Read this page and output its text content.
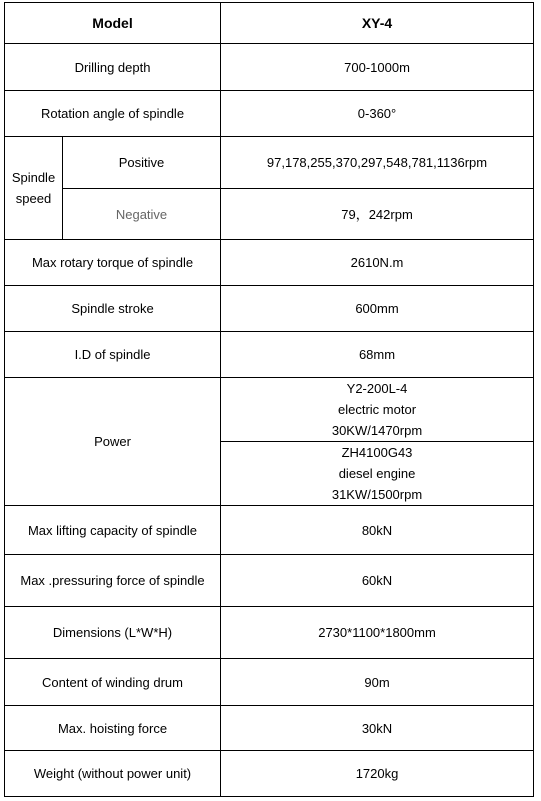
Model		XY-4
Drilling depth		700-1000m
Rotation angle of spindle		0-360°

Spindle
speed	Positive	97,178,255,370,297,548,781,1136rpm
	Negative	79，242rpm
Max rotary torque of spindle		2610N.m
Spindle stroke		600mm
I.D of spindle		68mm
Power		Y2-200L-4
electric motor
30KW/1470rpm

		ZH4100G43
diesel engine
31KW/1500rpm

Max lifting capacity of spindle		80kN
Max .pressuring force of spindle		60kN
Dimensions (L*W*H)		2730*1100*1800mm
Content of winding drum		90m
Max. hoisting force		30kN
Weight (without power unit)		1720kg
